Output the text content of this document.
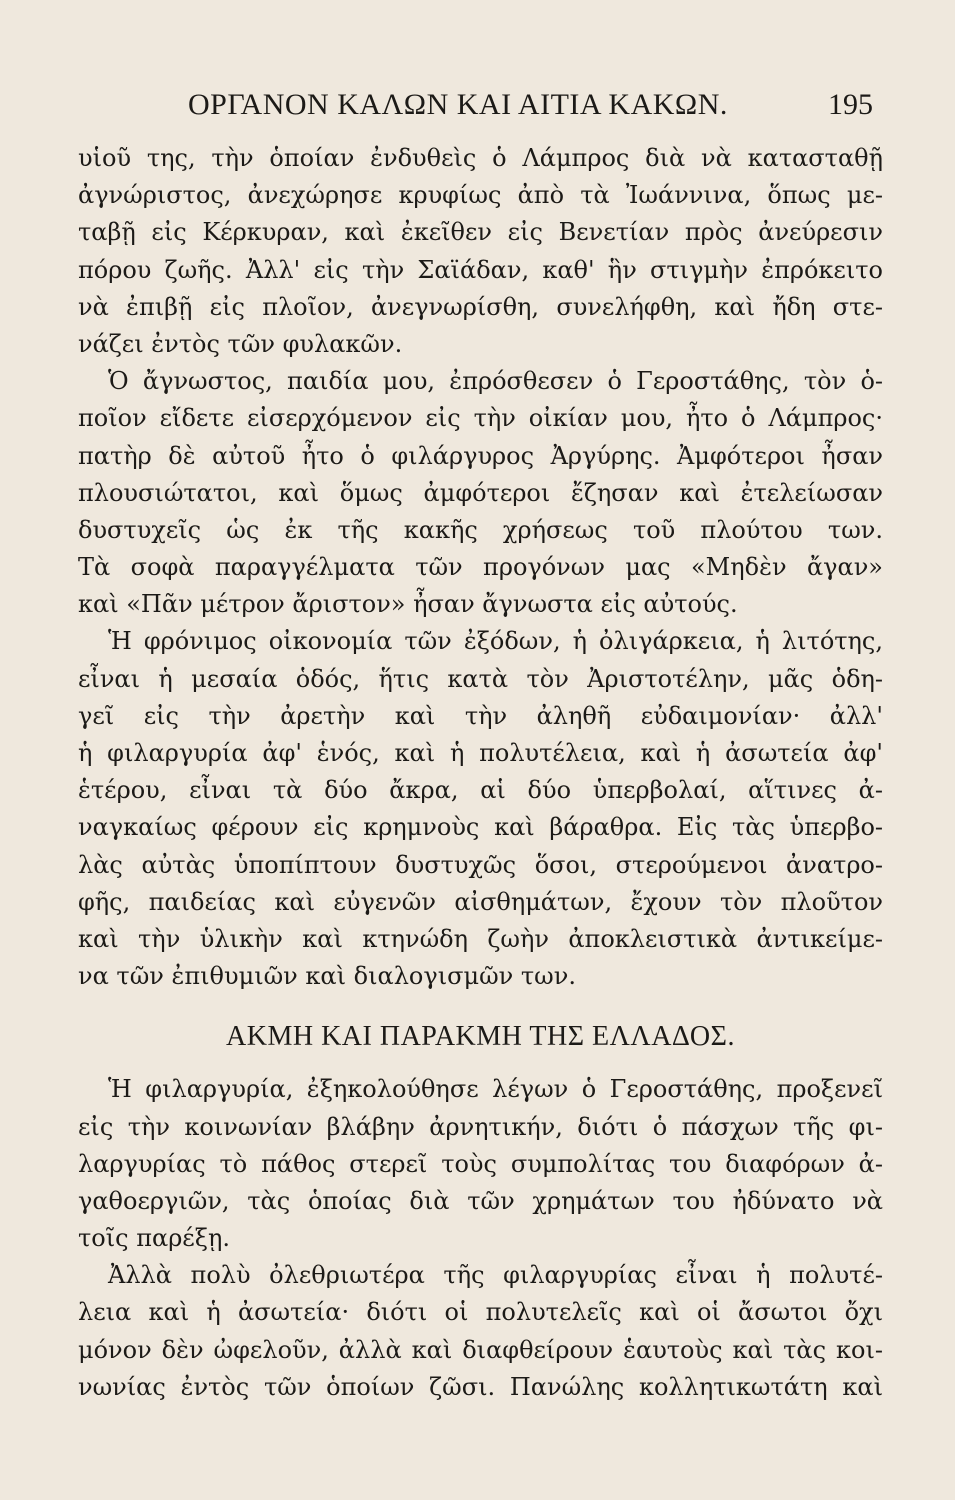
ΟΡΓΑΝΟΝ ΚΑΛΩΝ ΚΑΙ ΑΙΤΙΑ ΚΑΚΩΝ.	195
υἱοῦ της, τὴν ὁποίαν ἐνδυθεὶς ὁ Λάμπρος διὰ νὰ κατασταθῇ
ἀγνώριστος, ἀνεχώρησε κρυφίως ἀπὸ τὰ Ἰωάννινα, ὅπως με-
ταβῇ εἰς Κέρκυραν, καὶ ἐκεῖθεν εἰς Βενετίαν πρὸς ἀνεύρεσιν
πόρου ζωῆς. Ἀλλ' εἰς τὴν Σαϊάδαν, καθ' ἣν στιγμὴν ἐπρόκειτο
νὰ ἐπιβῇ εἰς πλοῖον, ἀνεγνωρίσθη, συνελήφθη, καὶ ἤδη στε-
νάζει ἐντὸς τῶν φυλακῶν.
Ὁ ἄγνωστος, παιδία μου, ἐπρόσθεσεν ὁ Γεροστάθης, τὸν ὁ-
ποῖον εἴδετε εἰσερχόμενον εἰς τὴν οἰκίαν μου, ἦτο ὁ Λάμπρος·
πατὴρ δὲ αὐτοῦ ἦτο ὁ φιλάργυρος Ἀργύρης. Ἀμφότεροι ἦσαν
πλουσιώτατοι, καὶ ὅμως ἀμφότεροι ἔζησαν καὶ ἐτελείωσαν
δυστυχεῖς ὡς ἐκ τῆς κακῆς χρήσεως τοῦ πλούτου των.
Τὰ σοφὰ παραγγέλματα τῶν προγόνων μας «Μηδὲν ἄγαν»
καὶ «Πᾶν μέτρον ἄριστον» ἦσαν ἄγνωστα εἰς αὐτούς.
Ἡ φρόνιμος οἰκονομία τῶν ἐξόδων, ἡ ὀλιγάρκεια, ἡ λιτότης,
εἶναι ἡ μεσαία ὁδός, ἥτις κατὰ τὸν Ἀριστοτέλην, μᾶς ὁδη-
γεῖ εἰς τὴν ἀρετὴν καὶ τὴν ἀληθῆ εὐδαιμονίαν· ἀλλ'
ἡ φιλαργυρία ἀφ' ἑνός, καὶ ἡ πολυτέλεια, καὶ ἡ ἀσωτεία ἀφ'
ἑτέρου, εἶναι τὰ δύο ἄκρα, αἱ δύο ὑπερβολαί, αἵτινες ἀ-
ναγκαίως φέρουν εἰς κρημνοὺς καὶ βάραθρα. Εἰς τὰς ὑπερβο-
λὰς αὐτὰς ὑποπίπτουν δυστυχῶς ὅσοι, στερούμενοι ἀνατρο-
φῆς, παιδείας καὶ εὐγενῶν αἰσθημάτων, ἔχουν τὸν πλοῦτον
καὶ τὴν ὑλικὴν καὶ κτηνώδη ζωὴν ἀποκλειστικὰ ἀντικείμε-
να τῶν ἐπιθυμιῶν καὶ διαλογισμῶν των.
ΑΚΜΗ ΚΑΙ ΠΑΡΑΚΜΗ ΤΗΣ ΕΛΛΑΔΟΣ.
Ἡ φιλαργυρία, ἐξηκολούθησε λέγων ὁ Γεροστάθης, προξενεῖ
εἰς τὴν κοινωνίαν βλάβην ἀρνητικήν, διότι ὁ πάσχων τῆς φι-
λαργυρίας τὸ πάθος στερεῖ τοὺς συμπολίτας του διαφόρων ἀ-
γαθοεργιῶν, τὰς ὁποίας διὰ τῶν χρημάτων του ἠδύνατο νὰ
τοῖς παρέξῃ.
Ἀλλὰ πολὺ ὀλεθριωτέρα τῆς φιλαργυρίας εἶναι ἡ πολυτέ-
λεια καὶ ἡ ἀσωτεία· διότι οἱ πολυτελεῖς καὶ οἱ ἄσωτοι ὄχι
μόνον δὲν ὠφελοῦν, ἀλλὰ καὶ διαφθείρουν ἑαυτοὺς καὶ τὰς κοι-
νωνίας ἐντὸς τῶν ὁποίων ζῶσι. Πανώλης κολλητικωτάτη καὶ
